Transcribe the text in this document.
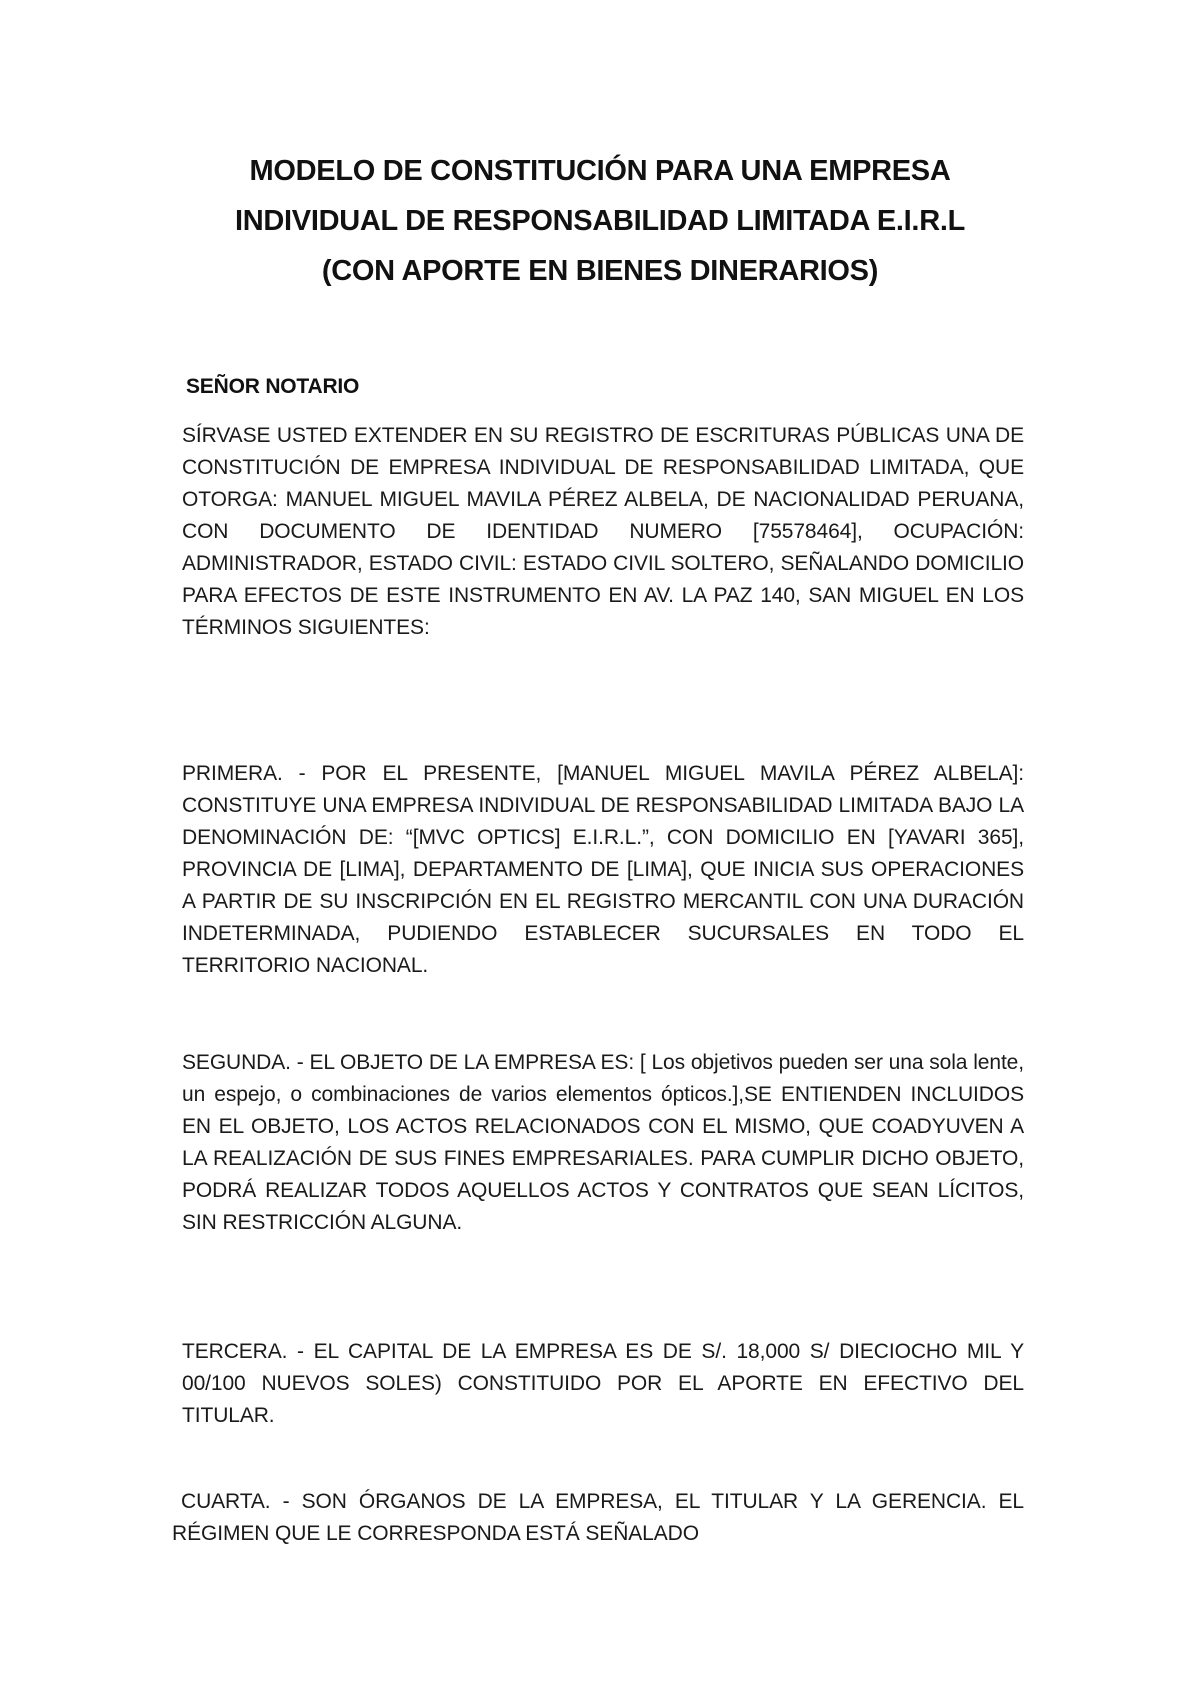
MODELO DE CONSTITUCIÓN PARA UNA EMPRESA
INDIVIDUAL DE RESPONSABILIDAD LIMITADA E.I.R.L
(CON APORTE EN BIENES DINERARIOS)
SEÑOR NOTARIO
SÍRVASE USTED EXTENDER EN SU REGISTRO DE ESCRITURAS PÚBLICAS UNA DE CONSTITUCIÓN DE EMPRESA INDIVIDUAL DE RESPONSABILIDAD LIMITADA, QUE OTORGA: MANUEL MIGUEL MAVILA PÉREZ ALBELA, DE NACIONALIDAD PERUANA, CON DOCUMENTO DE IDENTIDAD NUMERO [75578464], OCUPACIÓN: ADMINISTRADOR, ESTADO CIVIL: ESTADO CIVIL SOLTERO, SEÑALANDO DOMICILIO PARA EFECTOS DE ESTE INSTRUMENTO EN AV. LA PAZ 140, SAN MIGUEL EN LOS TÉRMINOS SIGUIENTES:
PRIMERA. - POR EL PRESENTE, [MANUEL MIGUEL MAVILA PÉREZ ALBELA]: CONSTITUYE UNA EMPRESA INDIVIDUAL DE RESPONSABILIDAD LIMITADA BAJO LA DENOMINACIÓN DE: “[MVC OPTICS] E.I.R.L.”, CON DOMICILIO EN [YAVARI 365], PROVINCIA DE [LIMA], DEPARTAMENTO DE [LIMA], QUE INICIA SUS OPERACIONES A PARTIR DE SU INSCRIPCIÓN EN EL REGISTRO MERCANTIL CON UNA DURACIÓN INDETERMINADA, PUDIENDO ESTABLECER SUCURSALES EN TODO EL TERRITORIO NACIONAL.
SEGUNDA. - EL OBJETO DE LA EMPRESA ES: [ Los objetivos pueden ser una sola lente, un espejo, o combinaciones de varios elementos ópticos.],SE ENTIENDEN INCLUIDOS EN EL OBJETO, LOS ACTOS RELACIONADOS CON EL MISMO, QUE COADYUVEN A LA REALIZACIÓN DE SUS FINES EMPRESARIALES. PARA CUMPLIR DICHO OBJETO, PODRÁ REALIZAR TODOS AQUELLOS ACTOS Y CONTRATOS QUE SEAN LÍCITOS, SIN RESTRICCIÓN ALGUNA.
TERCERA. - EL CAPITAL DE LA EMPRESA ES DE S/. 18,000 S/ DIECIOCHO MIL Y 00/100 NUEVOS SOLES) CONSTITUIDO POR EL APORTE EN EFECTIVO DEL TITULAR.
CUARTA. - SON ÓRGANOS DE LA EMPRESA, EL TITULAR Y LA GERENCIA. EL RÉGIMEN QUE LE CORRESPONDA ESTÁ SEÑALADO
